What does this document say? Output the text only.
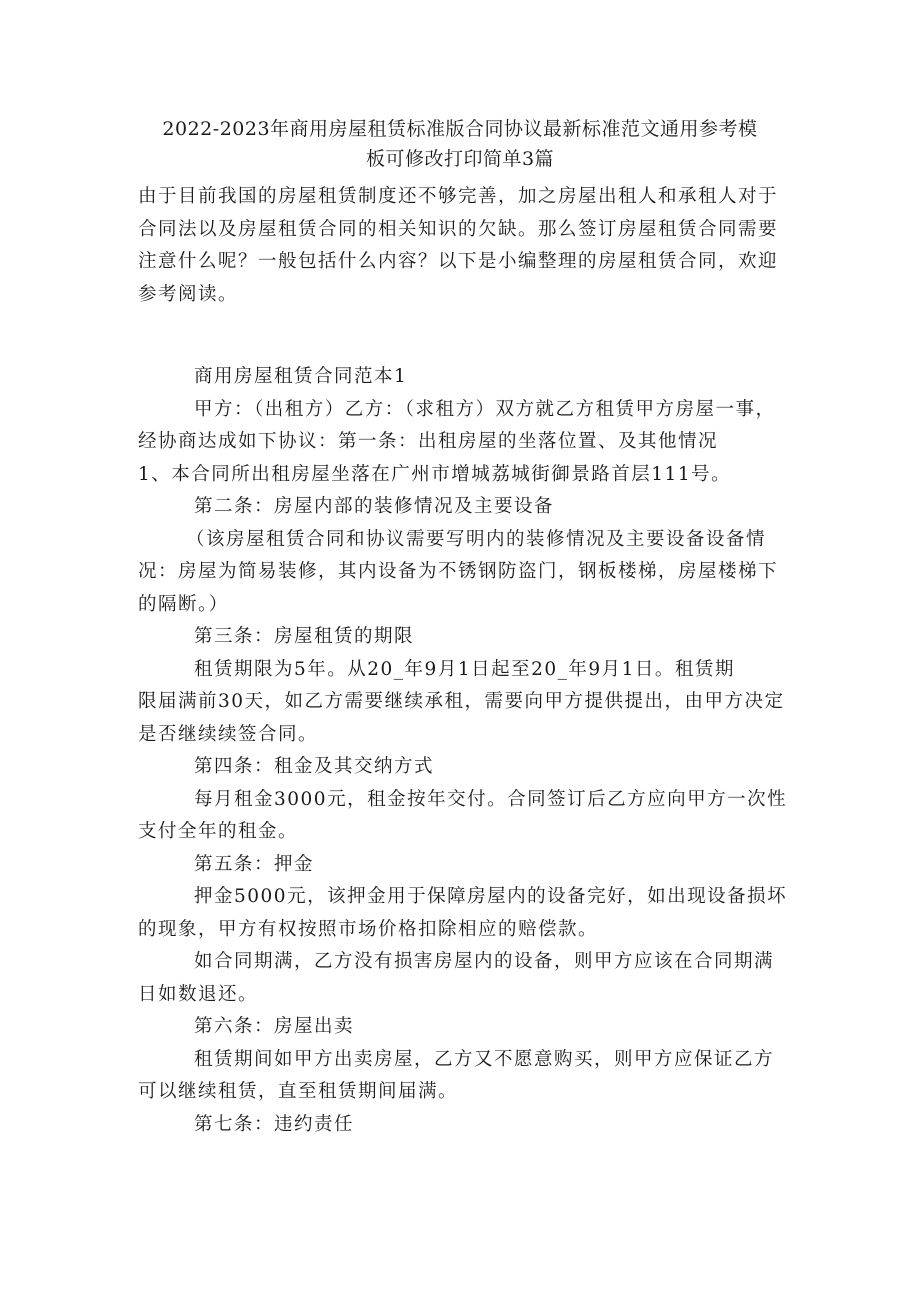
2022-2023年商用房屋租赁标准版合同协议最新标准范文通用参考模
板可修改打印简单3篇
由于目前我国的房屋租赁制度还不够完善，加之房屋出租人和承租人对于
合同法以及房屋租赁合同的相关知识的欠缺。那么签订房屋租赁合同需要
注意什么呢？一般包括什么内容？以下是小编整理的房屋租赁合同，欢迎
参考阅读。
商用房屋租赁合同范本1
甲方：（出租方）乙方：（求租方）双方就乙方租赁甲方房屋一事，
经协商达成如下协议：第一条：出租房屋的坐落位置、及其他情况
1、本合同所出租房屋坐落在广州市增城荔城街御景路首层111号。
第二条：房屋内部的装修情况及主要设备
（该房屋租赁合同和协议需要写明内的装修情况及主要设备设备情
况：房屋为简易装修，其内设备为不锈钢防盗门，钢板楼梯，房屋楼梯下
的隔断。）
第三条：房屋租赁的期限
租赁期限为5年。从20_年9月1日起至20_年9月1日。租赁期
限届满前30天，如乙方需要继续承租，需要向甲方提供提出，由甲方决定
是否继续续签合同。
第四条：租金及其交纳方式
每月租金3000元，租金按年交付。合同签订后乙方应向甲方一次性
支付全年的租金。
第五条：押金
押金5000元，该押金用于保障房屋内的设备完好，如出现设备损坏
的现象，甲方有权按照市场价格扣除相应的赔偿款。
如合同期满，乙方没有损害房屋内的设备，则甲方应该在合同期满
日如数退还。
第六条：房屋出卖
租赁期间如甲方出卖房屋，乙方又不愿意购买，则甲方应保证乙方
可以继续租赁，直至租赁期间届满。
第七条：违约责任
